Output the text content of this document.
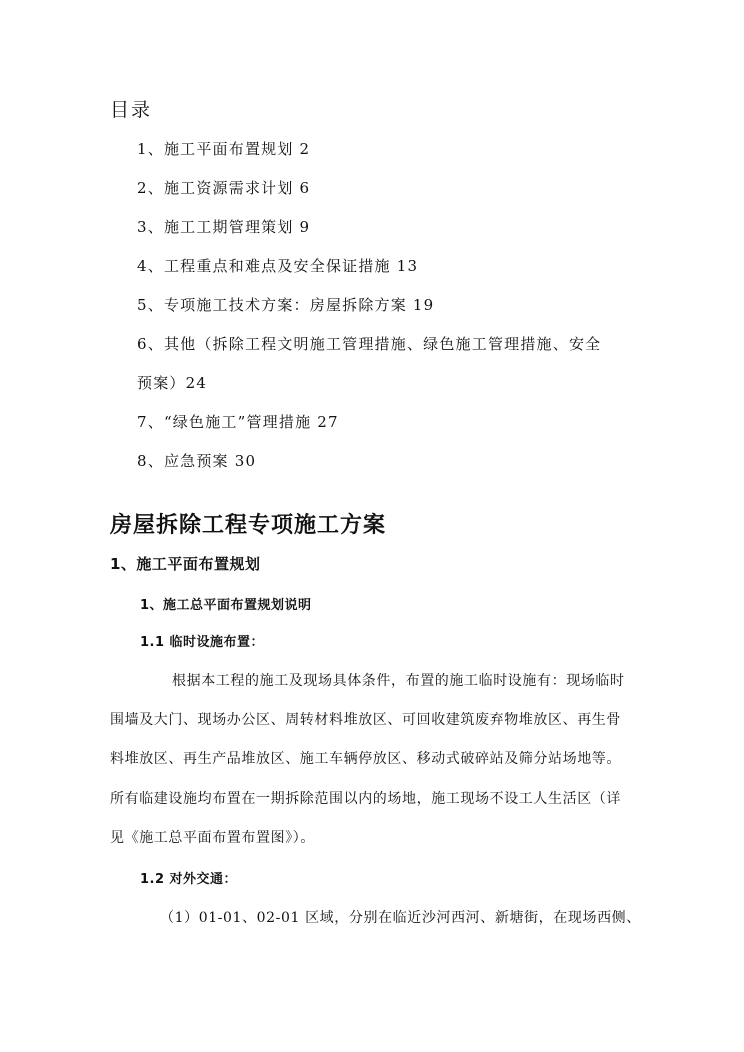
目录
1、施工平面布置规划 2
2、施工资源需求计划 6
3、施工工期管理策划 9
4、工程重点和难点及安全保证措施 13
5、专项施工技术方案：房屋拆除方案 19
6、其他（拆除工程文明施工管理措施、绿色施工管理措施、安全
预案）24
7、“绿色施工”管理措施 27
8、应急预案 30
房屋拆除工程专项施工方案
1、施工平面布置规划
1、施工总平面布置规划说明
1.1 临时设施布置：
根据本工程的施工及现场具体条件，布置的施工临时设施有：现场临时
围墙及大门、现场办公区、周转材料堆放区、可回收建筑废弃物堆放区、再生骨
料堆放区、再生产品堆放区、施工车辆停放区、移动式破碎站及筛分站场地等。
所有临建设施均布置在一期拆除范围以内的场地，施工现场不设工人生活区（详
见《施工总平面布置布置图》）。
1.2 对外交通：
（1）01-01、02-01 区域，分别在临近沙河西河、新塘街，在现场西侧、
